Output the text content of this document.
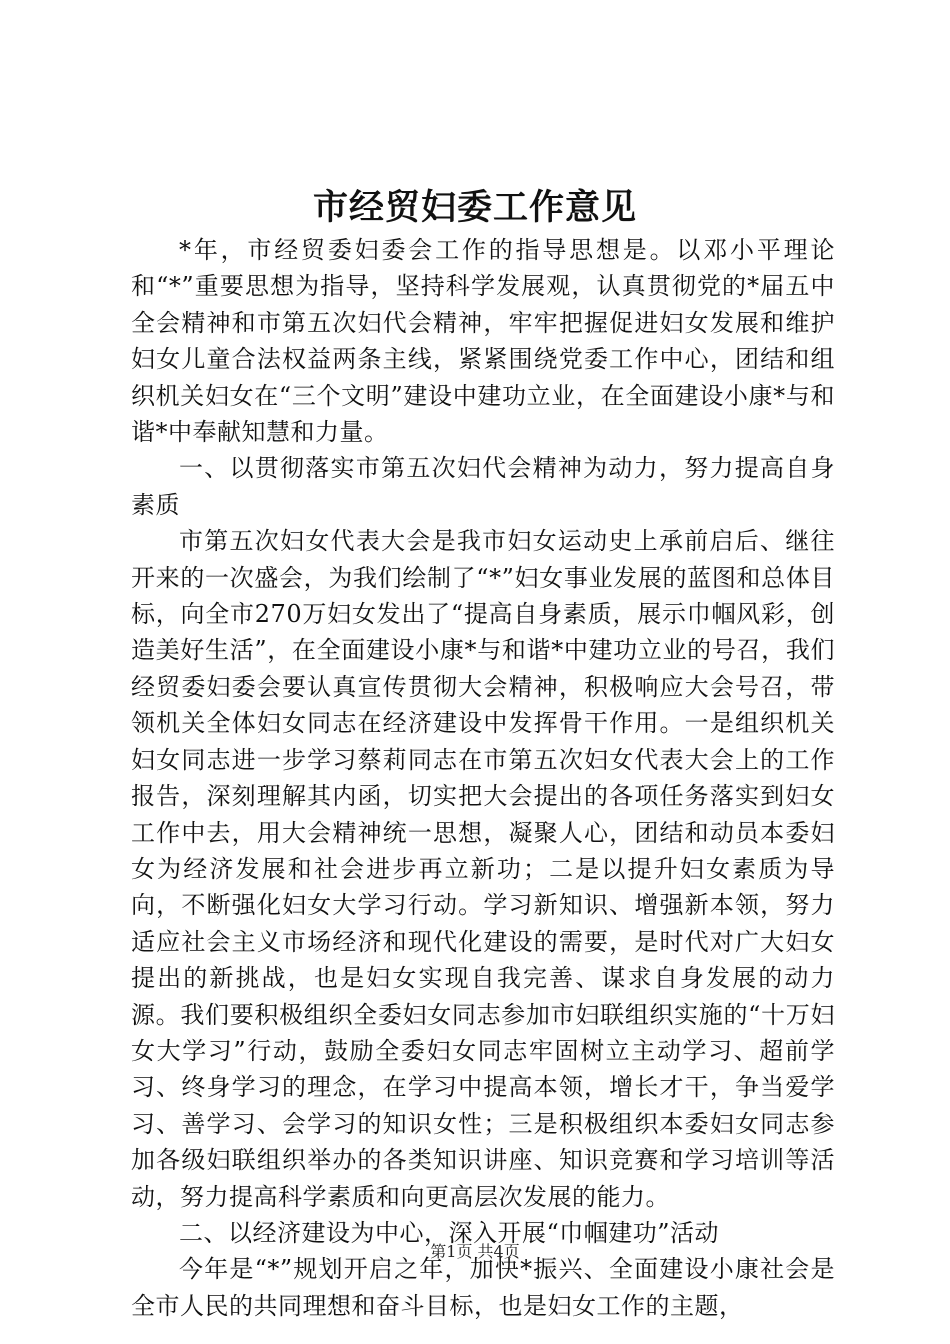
市经贸妇委工作意见

*年，市经贸委妇委会工作的指导思想是。以邓小平理论和“*”重要思想为指导，坚持科学发展观，认真贯彻党的*届五中全会精神和市第五次妇代会精神，牢牢把握促进妇女发展和维护妇女儿童合法权益两条主线，紧紧围绕党委工作中心，团结和组织机关妇女在“三个文明”建设中建功立业，在全面建设小康*与和谐*中奉献知慧和力量。

一、以贯彻落实市第五次妇代会精神为动力，努力提高自身素质

市第五次妇女代表大会是我市妇女运动史上承前启后、继往开来的一次盛会，为我们绘制了“*”妇女事业发展的蓝图和总体目标，向全市270万妇女发出了“提高自身素质，展示巾帼风彩，创造美好生活”，在全面建设小康*与和谐*中建功立业的号召，我们经贸委妇委会要认真宣传贯彻大会精神，积极响应大会号召，带领机关全体妇女同志在经济建设中发挥骨干作用。一是组织机关妇女同志进一步学习蔡莉同志在市第五次妇女代表大会上的工作报告，深刻理解其内函，切实把大会提出的各项任务落实到妇女工作中去，用大会精神统一思想，凝聚人心，团结和动员本委妇女为经济发展和社会进步再立新功；二是以提升妇女素质为导向，不断强化妇女大学习行动。学习新知识、增强新本领，努力适应社会主义市场经济和现代化建设的需要，是时代对广大妇女提出的新挑战，也是妇女实现自我完善、谋求自身发展的动力源。我们要积极组织全委妇女同志参加市妇联组织实施的“十万妇女大学习”行动，鼓励全委妇女同志牢固树立主动学习、超前学习、终身学习的理念，在学习中提高本领，增长才干，争当爱学习、善学习、会学习的知识女性；三是积极组织本委妇女同志参加各级妇联组织举办的各类知识讲座、知识竞赛和学习培训等活动，努力提高科学素质和向更高层次发展的能力。

二、以经济建设为中心，深入开展“巾帼建功”活动

今年是“*”规划开启之年，加快*振兴、全面建设小康社会是全市人民的共同理想和奋斗目标，也是妇女工作的主题，

第1页 共4页
